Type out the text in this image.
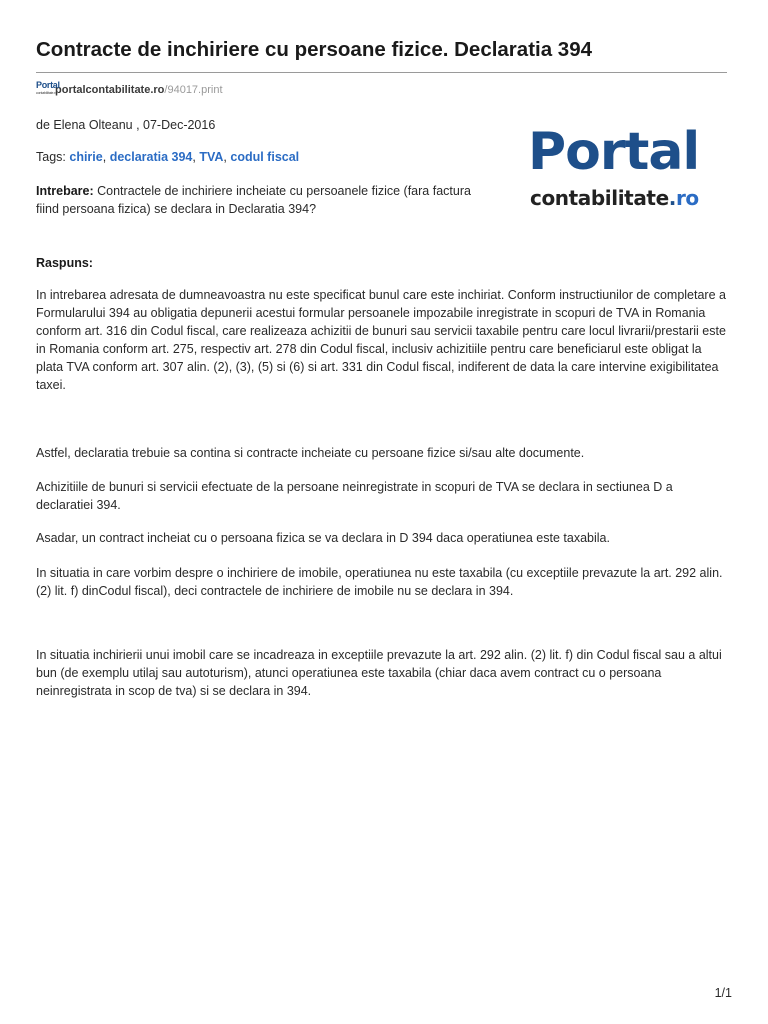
Contracte de inchiriere cu persoane fizice. Declaratia 394
Portal
contabilitate.ro
portalcontabilitate.ro /94017.print
de Elena Olteanu , 07-Dec-2016
Tags: chirie, declaratia 394, TVA, codul fiscal
Intrebare: Contractele de inchiriere incheiate cu persoanele fizice (fara factura fiind persoana fizica) se declara in Declaratia 394?
Portal
contabilitate.ro
Raspuns:
In intrebarea adresata de dumneavoastra nu este specificat bunul care este inchiriat. Conform instructiunilor de completare a Formularului 394 au obligatia depunerii acestui formular persoanele impozabile inregistrate in scopuri de TVA in Romania conform art. 316 din Codul fiscal, care realizeaza achizitii de bunuri sau servicii taxabile pentru care locul livrarii/prestarii este in Romania conform art. 275, respectiv art. 278 din Codul fiscal, inclusiv achizitiile pentru care beneficiarul este obligat la plata TVA conform art. 307 alin. (2), (3), (5) si (6) si art. 331 din Codul fiscal, indiferent de data la care intervine exigibilitatea taxei.
Astfel, declaratia trebuie sa contina si contracte incheiate cu persoane fizice si/sau alte documente.
Achizitiile de bunuri si servicii efectuate de la persoane neinregistrate in scopuri de TVA se declara in sectiunea D a declaratiei 394.
Asadar, un contract incheiat cu o persoana fizica se va declara in D 394 daca operatiunea este taxabila.
In situatia in care vorbim despre o inchiriere de imobile, operatiunea nu este taxabila (cu exceptiile prevazute la art. 292 alin. (2) lit. f) dinCodul fiscal), deci contractele de inchiriere de imobile nu se declara in 394.
In situatia inchirierii unui imobil care se incadreaza in exceptiile prevazute la art. 292 alin. (2) lit. f) din Codul fiscal sau a altui bun (de exemplu utilaj sau autoturism), atunci operatiunea este taxabila (chiar daca avem contract cu o persoana neinregistrata in scop de tva) si se declara in 394.
1/1
